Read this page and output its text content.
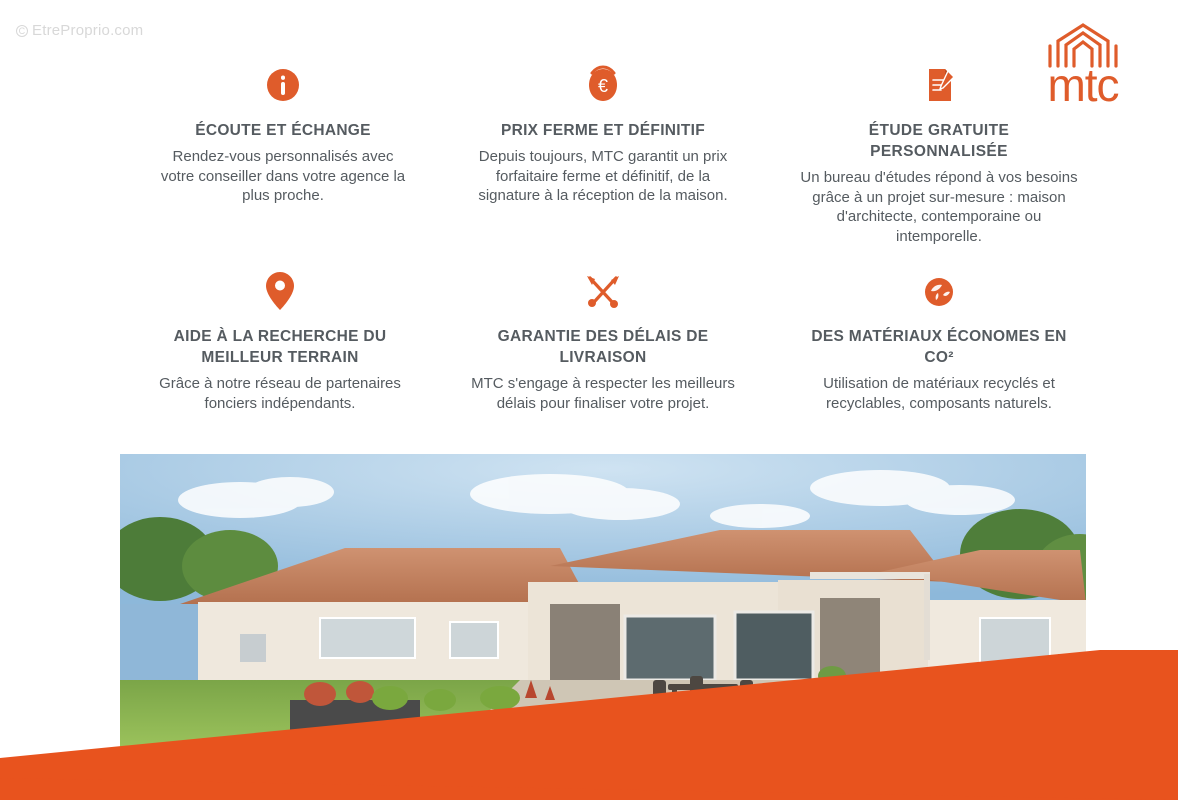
C EtreProprio.com
mtc
ÉCOUTE ET ÉCHANGE

Rendez-vous personnalisés avec votre conseiller dans votre agence la plus proche.

€
PRIX FERME ET DÉFINITIF

Depuis toujours, MTC garantit un prix forfaitaire ferme et définitif, de la signature à la réception de la maison.

ÉTUDE GRATUITE PERSONNALISÉE

Un bureau d'études répond à vos besoins grâce à un projet sur-mesure : maison d'architecte, contemporaine ou intemporelle.

AIDE À LA RECHERCHE DU MEILLEUR TERRAIN

Grâce à notre réseau de partenaires fonciers indépendants.

GARANTIE DES DÉLAIS DE LIVRAISON

MTC s'engage à respecter les meilleurs délais pour finaliser votre projet.

DES MATÉRIAUX ÉCONOMES EN CO²

Utilisation de matériaux recyclés et recyclables, composants naturels.
